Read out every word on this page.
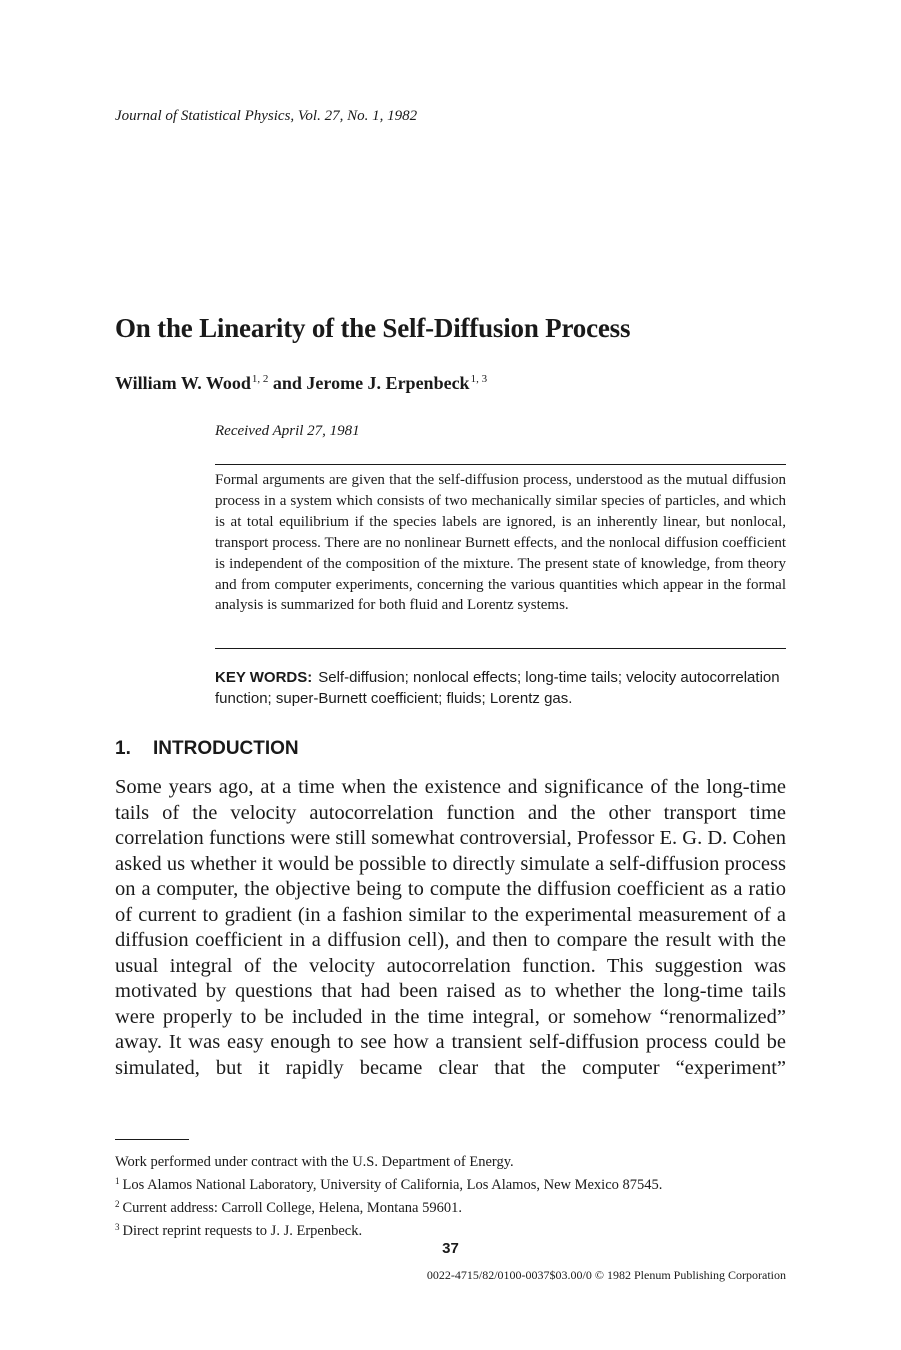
Journal of Statistical Physics, Vol. 27, No. 1, 1982
On the Linearity of the Self-Diffusion Process
William W. Wood$^{1, 2}$ and Jerome J. Erpenbeck$^{1, 3}$
Received April 27, 1981
Formal arguments are given that the self-diffusion process, understood as the mutual diffusion process in a system which consists of two mechanically similar species of particles, and which is at total equilibrium if the species labels are ignored, is an inherently linear, but nonlocal, transport process. There are no nonlinear Burnett effects, and the nonlocal diffusion coefficient is independent of the composition of the mixture. The present state of knowledge, from theory and from computer experiments, concerning the various quantities which appear in the formal analysis is summarized for both fluid and Lorentz systems.
KEY WORDS: Self-diffusion; nonlocal effects; long-time tails; velocity autocorrelation function; super-Burnett coefficient; fluids; Lorentz gas.
1. INTRODUCTION
Some years ago, at a time when the existence and significance of the long-time tails of the velocity autocorrelation function and the other transport time correlation functions were still somewhat controversial, Professor E. G. D. Cohen asked us whether it would be possible to directly simulate a self-diffusion process on a computer, the objective being to compute the diffusion coefficient as a ratio of current to gradient (in a fashion similar to the experimental measurement of a diffusion coefficient in a diffusion cell), and then to compare the result with the usual integral of the velocity autocorrelation function. This suggestion was motivated by questions that had been raised as to whether the long-time tails were properly to be included in the time integral, or somehow “renormalized” away. It was easy enough to see how a transient self-diffusion process could be simulated, but it rapidly became clear that the computer “experiment”
Work performed under contract with the U.S. Department of Energy.
$^1$ Los Alamos National Laboratory, University of California, Los Alamos, New Mexico 87545.
$^2$ Current address: Carroll College, Helena, Montana 59601.
$^3$ Direct reprint requests to J. J. Erpenbeck.
37
0022-4715/82/0100-0037$03.00/0 © 1982 Plenum Publishing Corporation
